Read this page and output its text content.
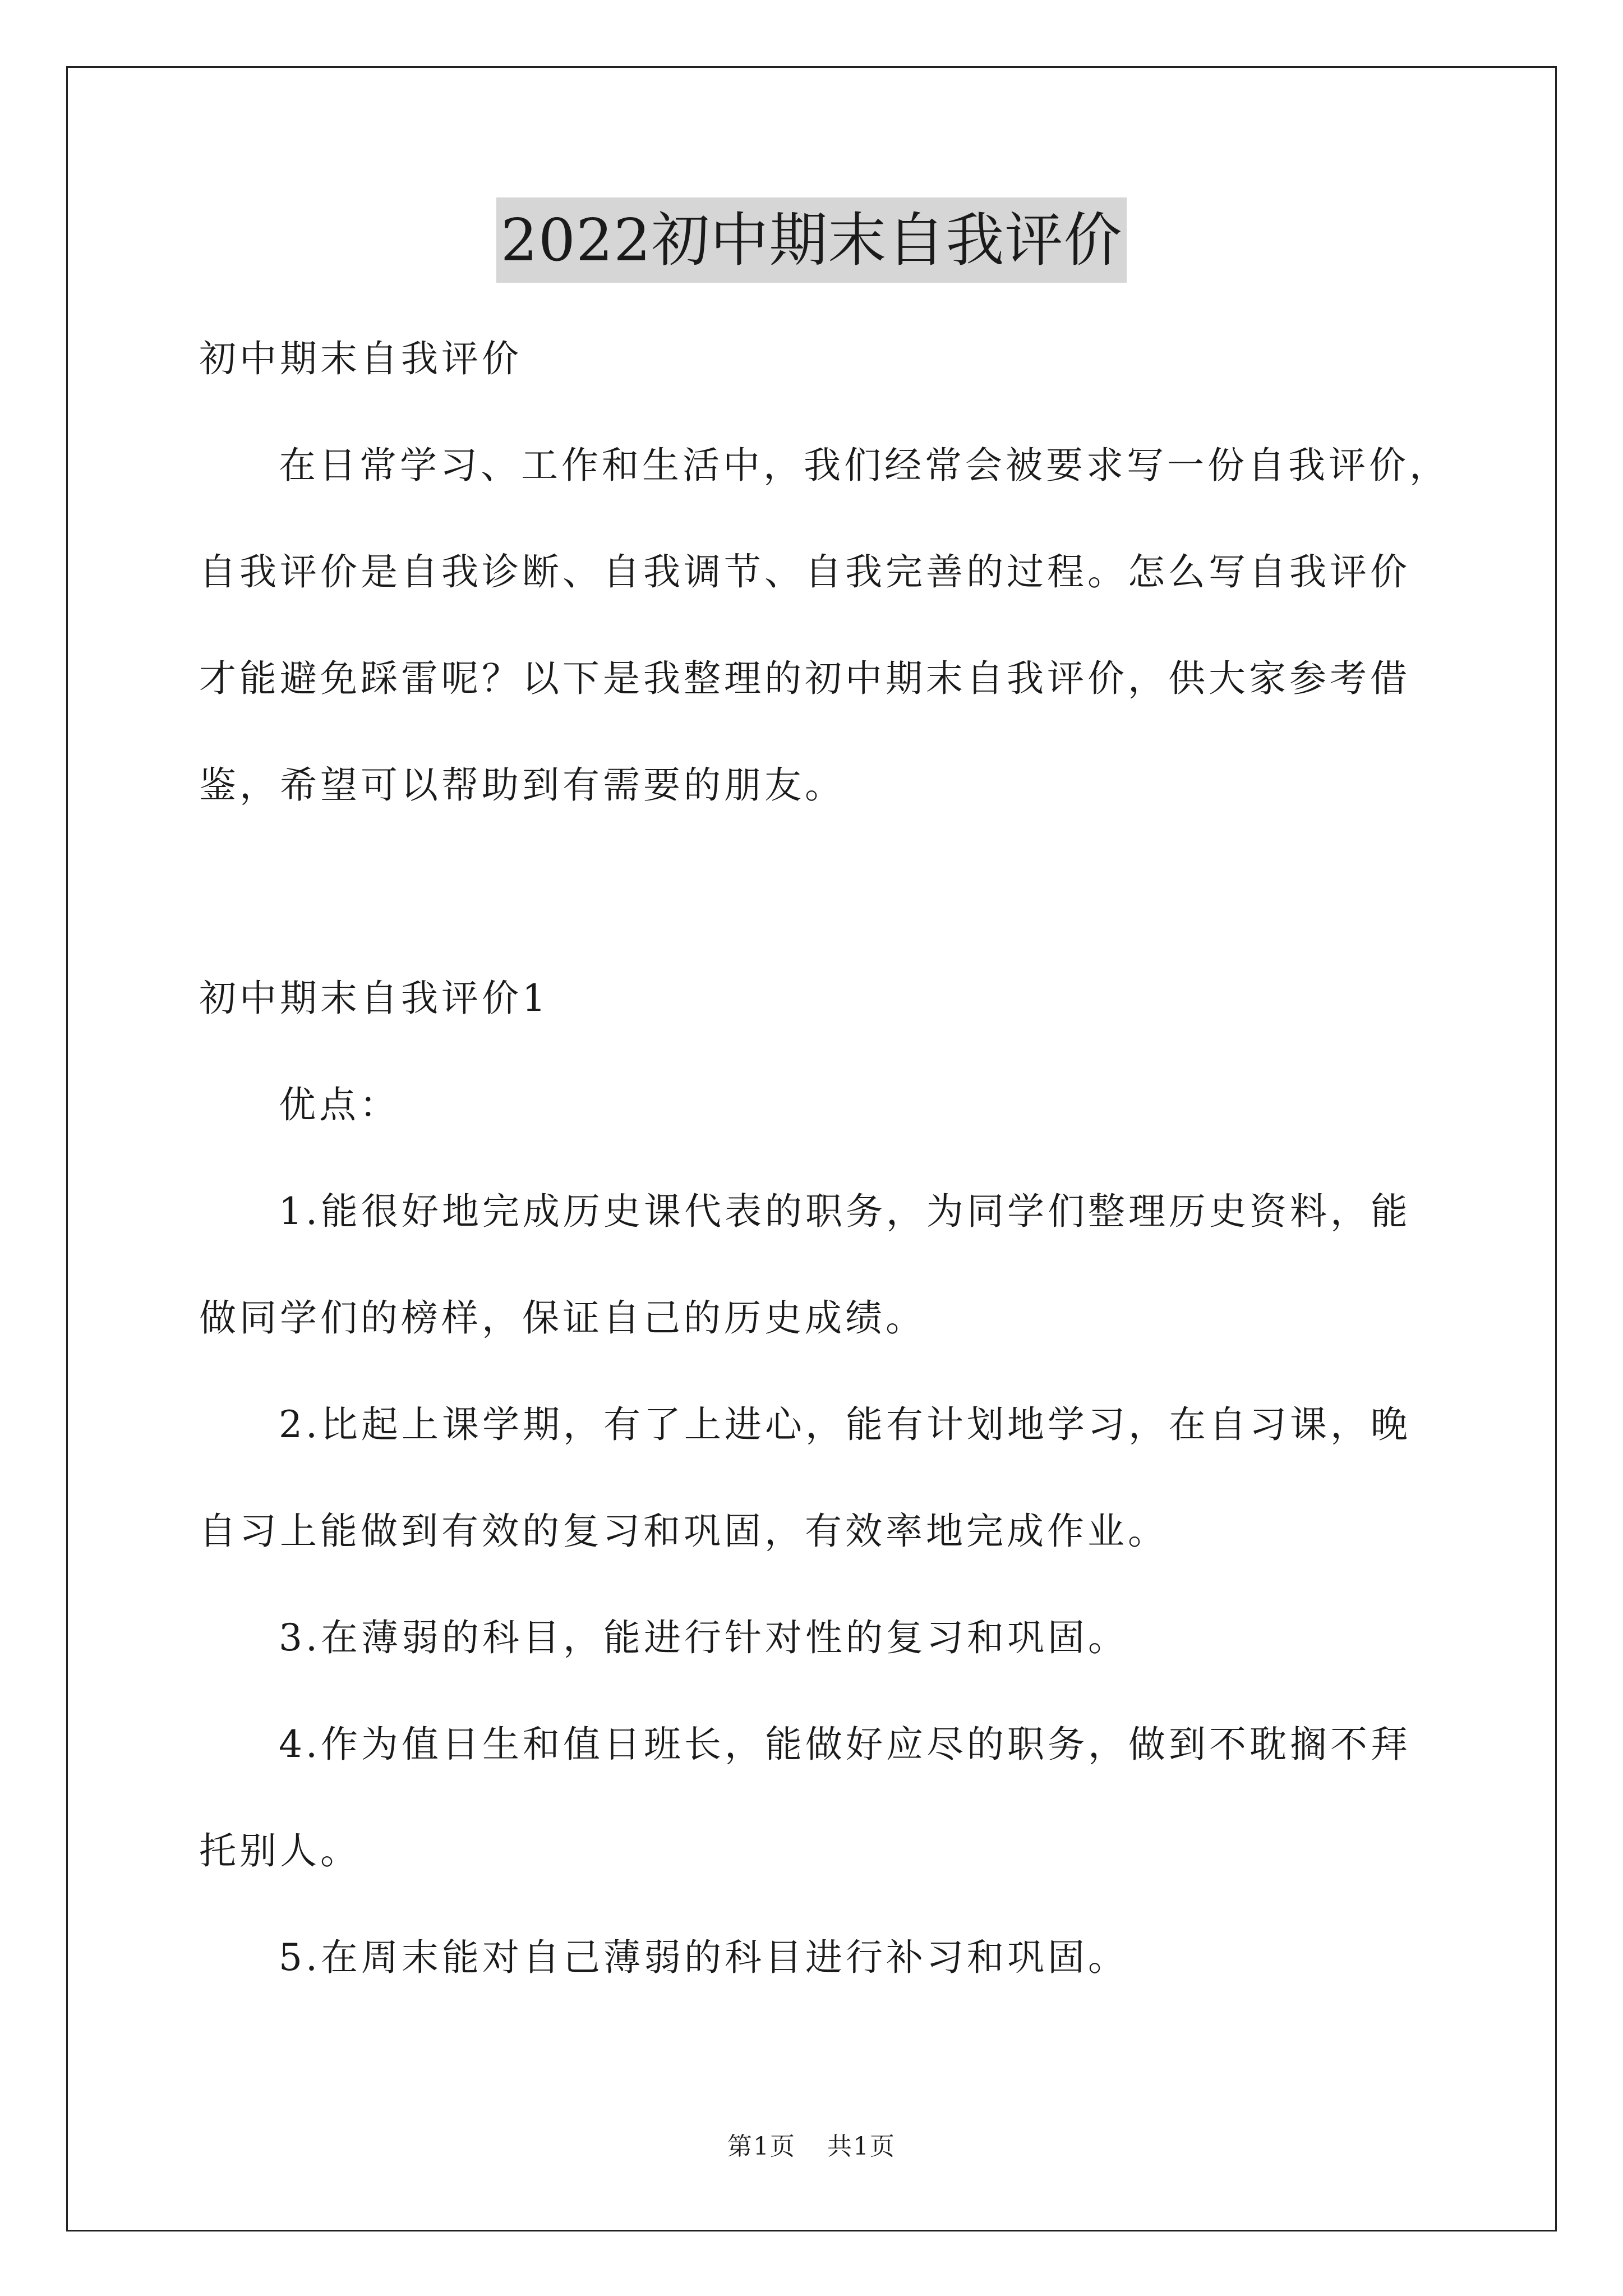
2022初中期末自我评价
初中期末自我评价
在日常学习、工作和生活中，我们经常会被要求写一份自我评价，
自我评价是自我诊断、自我调节、自我完善的过程。怎么写自我评价
才能避免踩雷呢？以下是我整理的初中期末自我评价，供大家参考借
鉴，希望可以帮助到有需要的朋友。
初中期末自我评价1
优点：
1.能很好地完成历史课代表的职务，为同学们整理历史资料，能
做同学们的榜样，保证自己的历史成绩。
2.比起上课学期，有了上进心，能有计划地学习，在自习课，晚
自习上能做到有效的复习和巩固，有效率地完成作业。
3.在薄弱的科目，能进行针对性的复习和巩固。
4.作为值日生和值日班长，能做好应尽的职务，做到不耽搁不拜
托别人。
5.在周末能对自己薄弱的科目进行补习和巩固。
第1页 共1页
